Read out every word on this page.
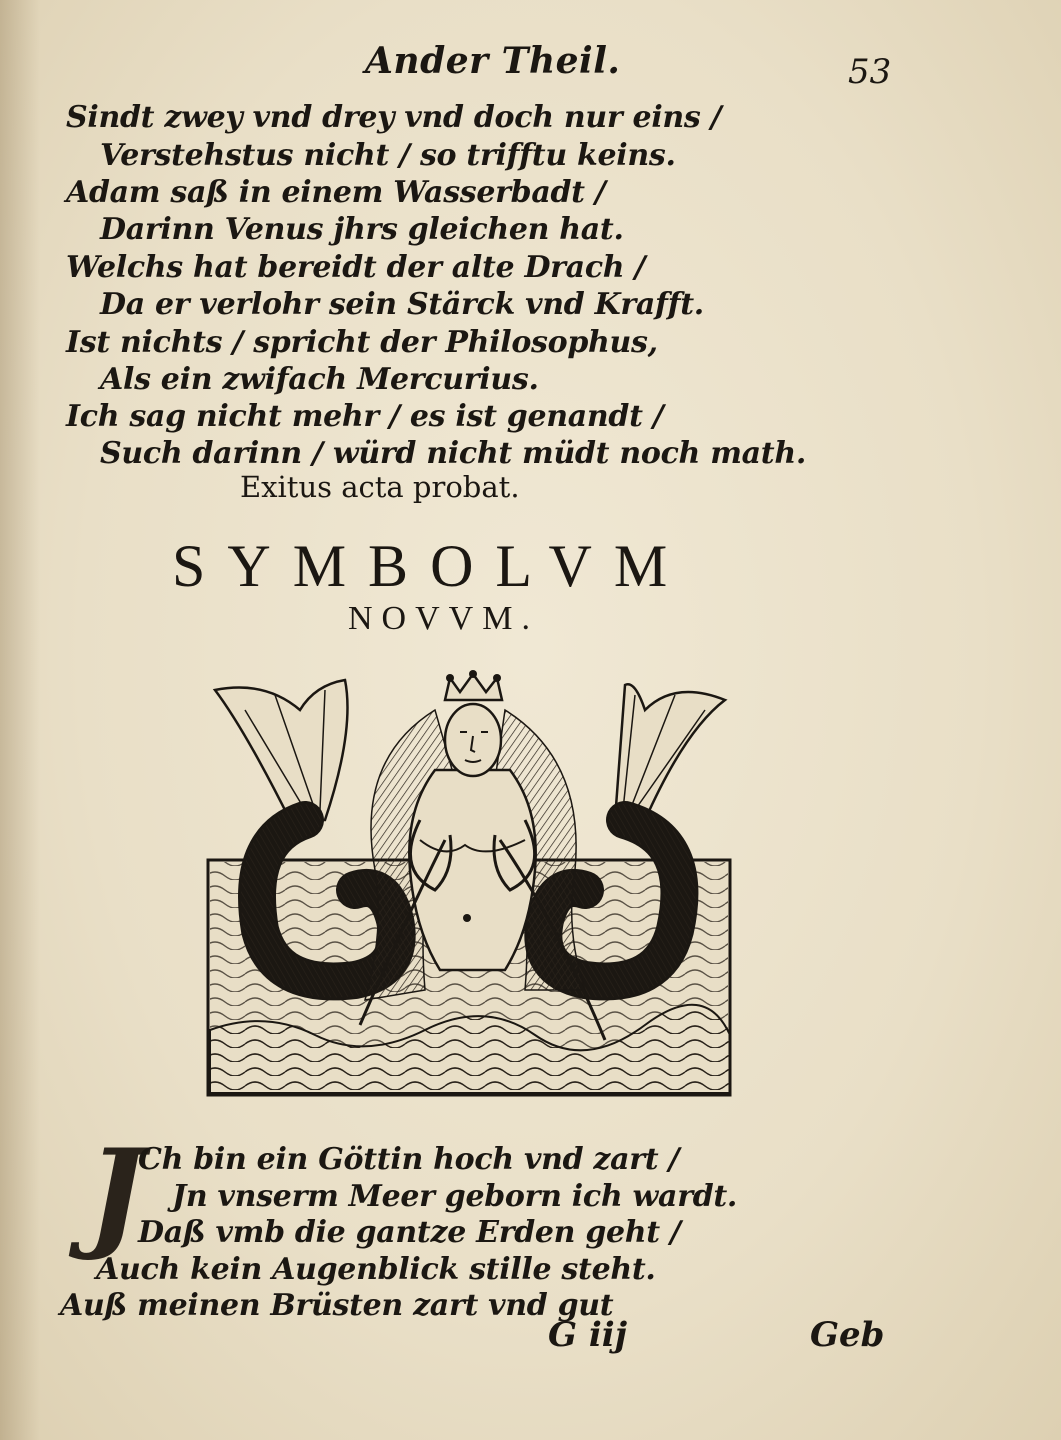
Ander Theil.	53
Sindt zwey vnd drey vnd doch nur eins /
Verstehstus nicht / so trifftu keins.
Adam saß in einem Wasserbadt /
Darinn Venus jhrs gleichen hat.
Welchs hat bereidt der alte Drach /
Da er verlohr sein Stärck vnd Krafft.
Ist nichts / spricht der Philosophus,
Als ein zwifach Mercurius.
Ich sag nicht mehr / es ist genandt /
Such darinn / würd nicht müdt noch math.
Exitus acta probat.
SYMBOLVM
NOVVM.
J
Ch bin ein Göttin hoch vnd zart /
Jn vnserm Meer geborn ich wardt.
Daß vmb die gantze Erden geht /
Auch kein Augenblick stille steht.
Auß meinen Brüsten zart vnd gut
G iij	Geb
